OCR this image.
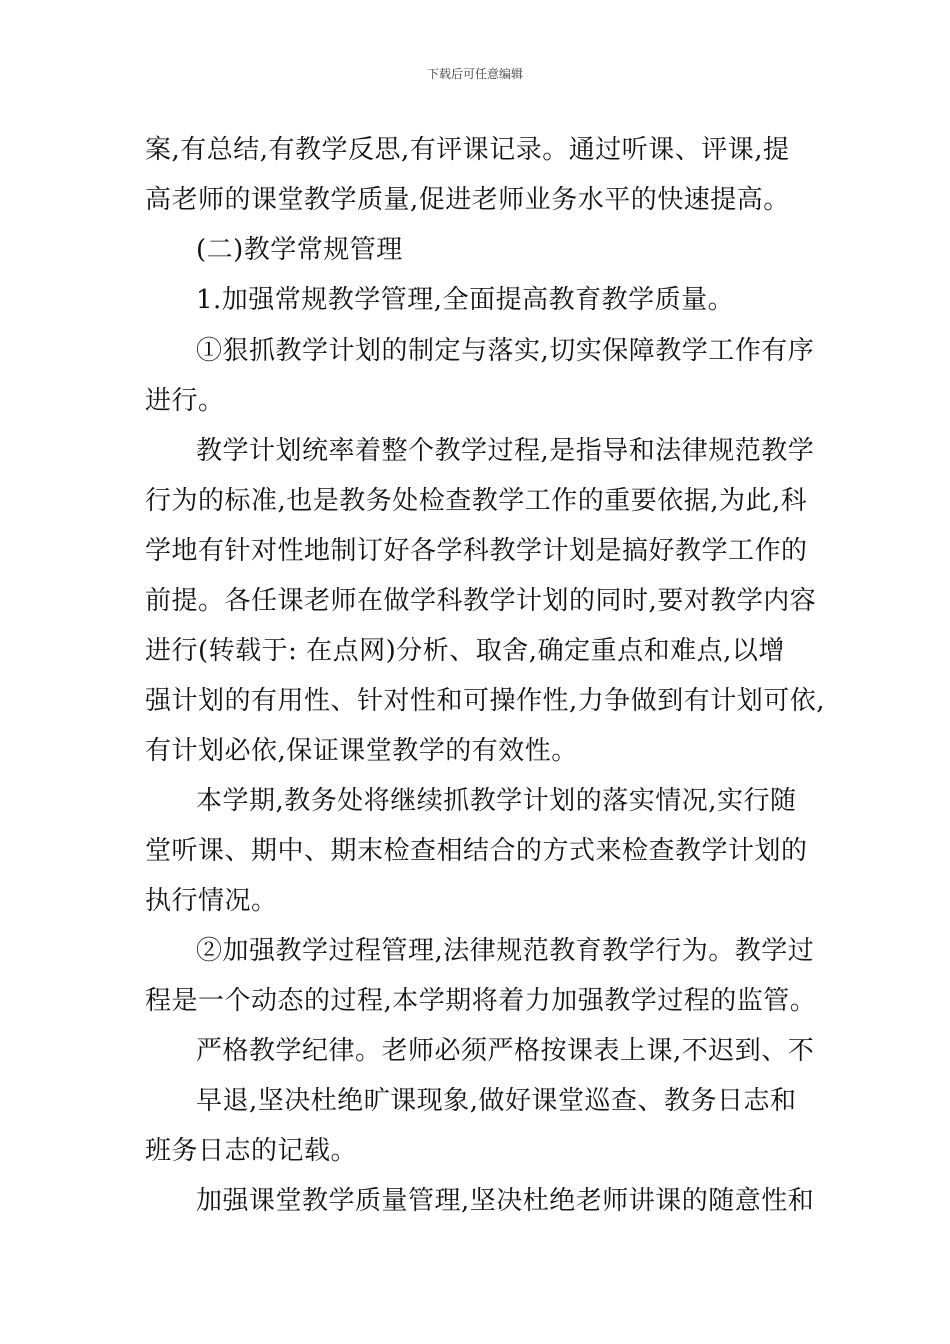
下载后可任意编辑
案,有总结,有教学反思,有评课记录。通过听课、评课,提
高老师的课堂教学质量,促进老师业务水平的快速提高。
(二)教学常规管理
1.加强常规教学管理,全面提高教育教学质量。
①狠抓教学计划的制定与落实,切实保障教学工作有序
进行。
教学计划统率着整个教学过程,是指导和法律规范教学
行为的标准,也是教务处检查教学工作的重要依据,为此,科
学地有针对性地制订好各学科教学计划是搞好教学工作的
前提。各任课老师在做学科教学计划的同时,要对教学内容
进行(转载于: 在点网)分析、取舍,确定重点和难点,以增
强计划的有用性、针对性和可操作性,力争做到有计划可依,
有计划必依,保证课堂教学的有效性。
本学期,教务处将继续抓教学计划的落实情况,实行随
堂听课、期中、期末检查相结合的方式来检查教学计划的
执行情况。
②加强教学过程管理,法律规范教育教学行为。教学过
程是一个动态的过程,本学期将着力加强教学过程的监管。
严格教学纪律。老师必须严格按课表上课,不迟到、不
早退,坚决杜绝旷课现象,做好课堂巡查、教务日志和
班务日志的记载。
加强课堂教学质量管理,坚决杜绝老师讲课的随意性和
